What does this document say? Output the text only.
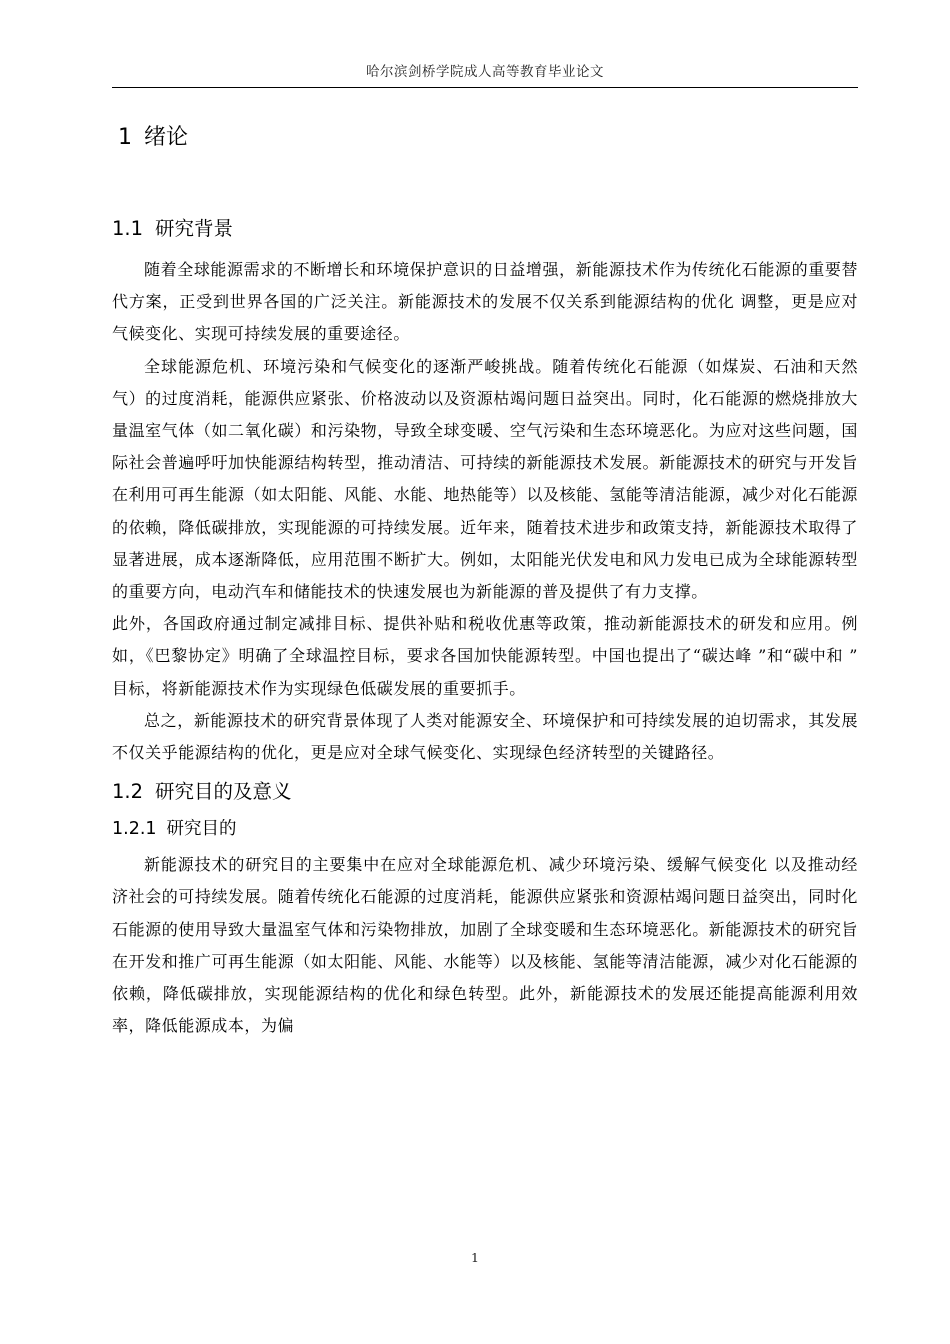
哈尔滨剑桥学院成人高等教育毕业论文
1 绪论
1.1 研究背景

随着全球能源需求的不断增长和环境保护意识的日益增强，新能源技术作为传统化石能源的重要替代方案，正受到世界各国的广泛关注。新能源技术的发展不仅关系到能源结构的优化 调整，更是应对气候变化、实现可持续发展的重要途径。

全球能源危机、环境污染和气候变化的逐渐严峻挑战。随着传统化石能源（如煤炭、石油和天然气）的过度消耗，能源供应紧张、价格波动以及资源枯竭问题日益突出。同时，化石能源的燃烧排放大量温室气体（如二氧化碳）和污染物，导致全球变暖、空气污染和生态环境恶化。为应对这些问题，国际社会普遍呼吁加快能源结构转型，推动清洁、可持续的新能源技术发展。新能源技术的研究与开发旨在利用可再生能源（如太阳能、风能、水能、地热能等）以及核能、氢能等清洁能源，减少对化石能源的依赖，降低碳排放，实现能源的可持续发展。近年来，随着技术进步和政策支持，新能源技术取得了显著进展，成本逐渐降低，应用范围不断扩大。例如，太阳能光伏发电和风力发电已成为全球能源转型的重要方向，电动汽车和储能技术的快速发展也为新能源的普及提供了有力支撑。

此外，各国政府通过制定减排目标、提供补贴和税收优惠等政策，推动新能源技术的研发和应用。例如，《巴黎协定》明确了全球温控目标，要求各国加快能源转型。中国也提出了“碳达峰 ”和“碳中和 ” 目标，将新能源技术作为实现绿色低碳发展的重要抓手。

总之，新能源技术的研究背景体现了人类对能源安全、环境保护和可持续发展的迫切需求，其发展不仅关乎能源结构的优化，更是应对全球气候变化、实现绿色经济转型的关键路径。

1.2 研究目的及意义
1.2.1 研究目的

新能源技术的研究目的主要集中在应对全球能源危机、减少环境污染、缓解气候变化 以及推动经济社会的可持续发展。随着传统化石能源的过度消耗，能源供应紧张和资源枯竭问题日益突出，同时化石能源的使用导致大量温室气体和污染物排放，加剧了全球变暖和生态环境恶化。新能源技术的研究旨在开发和推广可再生能源（如太阳能、风能、水能等）以及核能、氢能等清洁能源，减少对化石能源的依赖，降低碳排放，实现能源结构的优化和绿色转型。此外，新能源技术的发展还能提高能源利用效率，降低能源成本，为偏

1
